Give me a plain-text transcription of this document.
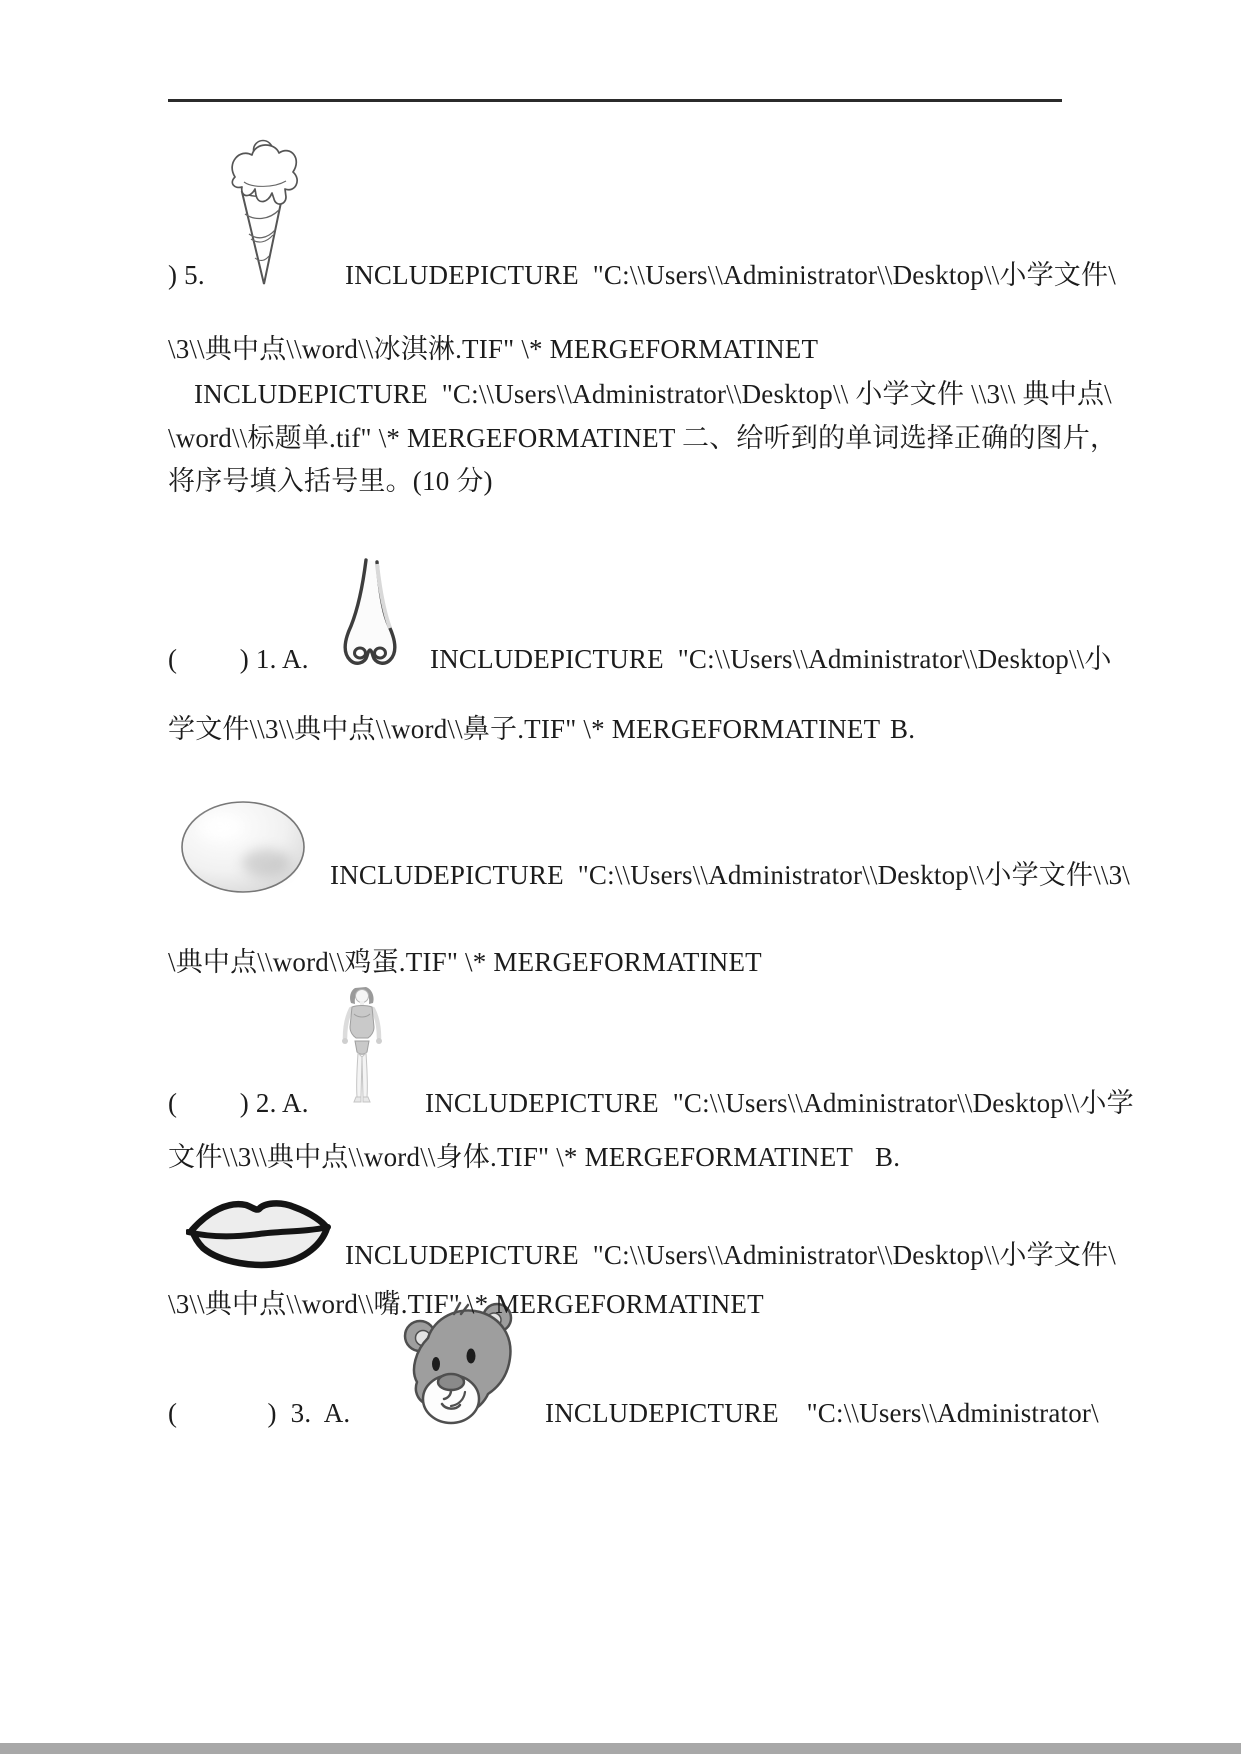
) 5.	INCLUDEPICTURE  "C:\\Users\\Administrator\\Desktop\\小学文件\
\3\\典中点\\word\\冰淇淋.TIF" \* MERGEFORMATINET
INCLUDEPICTURE  "C:\\Users\\Administrator\\Desktop\\ 小学文件 \\3\\ 典中点\
\word\\标题单.tif" \* MERGEFORMATINET 二、给听到的单词选择正确的图片，
将序号填入括号里。(10 分)
(         ) 1. A.	INCLUDEPICTURE  "C:\\Users\\Administrator\\Desktop\\小
学文件\\3\\典中点\\word\\鼻子.TIF" \* MERGEFORMATINET B.
INCLUDEPICTURE  "C:\\Users\\Administrator\\Desktop\\小学文件\\3\
\典中点\\word\\鸡蛋.TIF" \* MERGEFORMATINET
(         ) 2. A.	INCLUDEPICTURE  "C:\\Users\\Administrator\\Desktop\\小学
文件\\3\\典中点\\word\\身体.TIF" \* MERGEFORMATINET B.
INCLUDEPICTURE  "C:\\Users\\Administrator\\Desktop\\小学文件\
\3\\典中点\\word\\嘴.TIF" \* MERGEFORMATINET
(             )  3.  A.	INCLUDEPICTURE    "C:\\Users\\Administrator\
